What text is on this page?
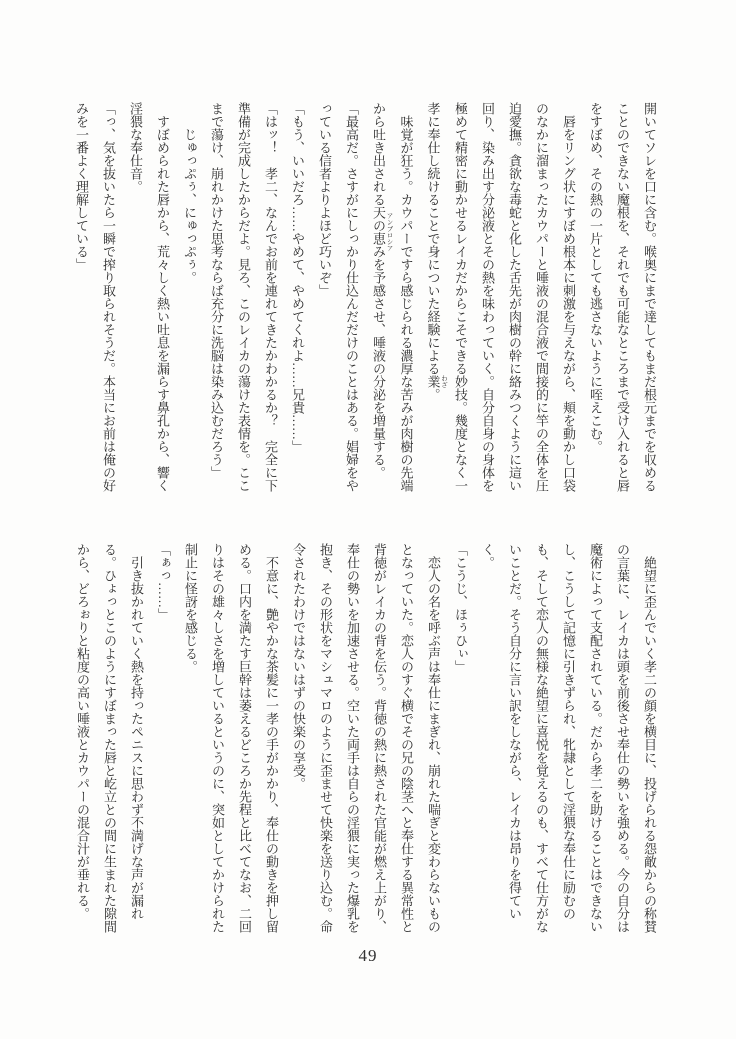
開いてソレを口に含む。喉奥にまで達してもまだ根元までを収める

ことのできない魔根を、それでも可能なところまで受け入れると唇

をすぼめ、その熱の一片としても逃さないように咥えこむ。

唇をリング状にすぼめ根本に刺激を与えながら、頬を動かし口袋

のなかに溜まったカウパーと唾液の混合液で間接的に竿の全体を圧

迫愛撫。貪欲な毒蛇と化した舌先が肉樹の幹に絡みつくように這い

回り、染み出す分泌液とその熱を味わっていく。自分自身の身体を

極めて精密に動かせるレイカだからこそできる妙技。幾度となく一

孝に奉仕し続けることで身についた経験による業 わざ。

味覚が狂う。カウパーですら感じられる濃厚な苦みが肉樹の先端

から吐き出される天の恵み アンブロシアを予感させ、唾液の分泌を増量する。

「最高だ。さすがにしっかり仕込んだだけのことはある。娼婦をや

っている信者よりよほど巧いぞ」

「もう、いいだろ……やめて、やめてくれよ……兄貴……」

「はッ！　孝二、なんでお前を連れてきたかわかるか？　完全に下

準備が完成したからだよ。見ろ、このレイカの蕩けた表情を。ここ

まで蕩け、崩れかけた思考ならば充分に洗脳は染み込むだろう」

じゅっぷぅ、にゅっぷぅ。

すぼめられた唇から、荒々しく熱い吐息を漏らす鼻孔から、響く

淫猥な奉仕音。

「っ、気を抜いたら一瞬で搾り取られそうだ。本当にお前は俺の好

みを一番よく理解している」

絶望に歪んでいく孝二の顔を横目に、投げられる怨敵からの称賛

の言葉に、レイカは頭を前後させ奉仕の勢いを強める。今の自分は

魔術によって支配されている。だから孝二を助けることはできない

し、こうして記憶に引きずられ、牝隷として淫猥な奉仕に励むの

も、そして恋人の無様な絶望に喜悦を覚えるのも、すべて仕方がな

いことだ。そう自分に言い訳をしながら、レイカは昂りを得てい

く。

「こうじ、ほぅひぃ」

恋人の名を呼ぶ声は奉仕にまぎれ、崩れた喘ぎと変わらないもの

となっていた。恋人のすぐ横でその兄の陰茎へと奉仕する異常性と

背徳がレイカの背を伝う。背徳の熱に熱された官能が燃え上がり、

奉仕の勢いを加速させる。空いた両手は自らの淫猥に実った爆乳を

抱き、その形状をマシュマロのように歪ませて快楽を送り込む。命

令されたわけではないはずの快楽の享受。

不意に、艶やかな茶髪に一孝の手がかかり、奉仕の動きを押し留

める。口内を満たす巨幹は萎えるどころか先程と比べてなお、二回

りはその雄々しさを増しているというのに、突如としてかけられた

制止に怪訝を感じる。

「ぁっ……」

引き抜かれていく熱を持ったペニスに思わず不満げな声が漏れ

る。ひょっとこのようにすぼまった唇と屹立との間に生まれた隙間

から、どろぉりと粘度の高い唾液とカウパーの混合汁が垂れる。

49
